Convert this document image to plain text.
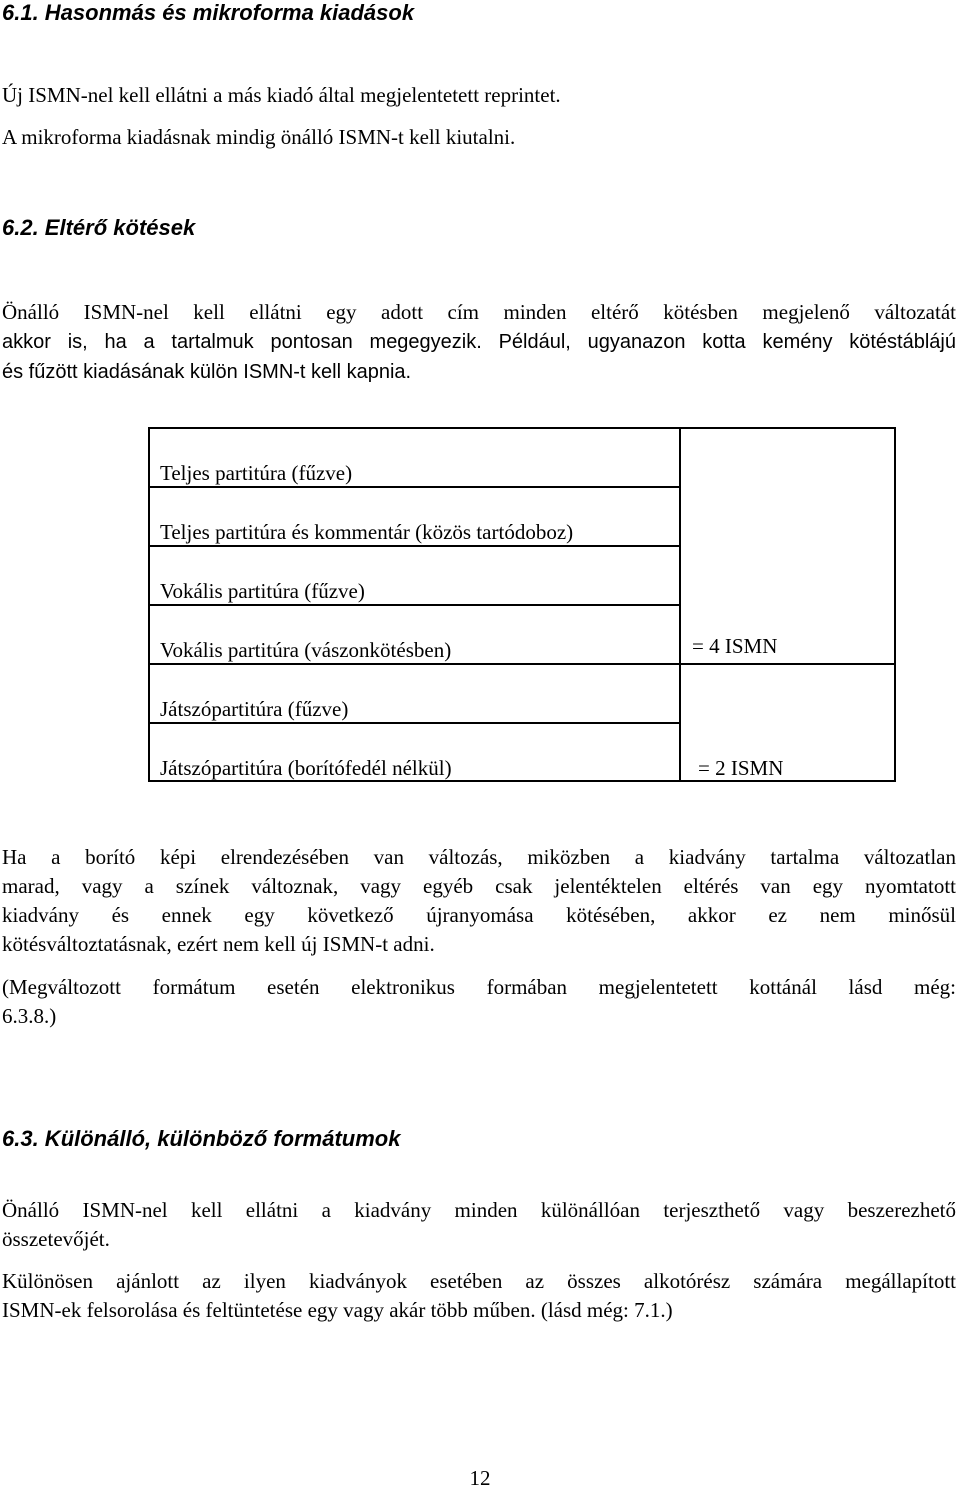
6.1. Hasonmás és mikroforma kiadások
Új ISMN-nel kell ellátni a más kiadó által megjelentetett reprintet.
A mikroforma kiadásnak mindig önálló ISMN-t kell kiutalni.
6.2. Eltérő kötések
Önálló ISMN-nel kell ellátni egy adott cím minden eltérő kötésben megjelenő változatát
akkor is, ha a tartalmuk pontosan megegyezik. Például, ugyanazon kotta kemény kötéstáblájú
és fűzött kiadásának külön ISMN-t kell kapnia.
Teljes partitúra (fűzve)
Teljes partitúra és kommentár (közös tartódoboz)
Vokális partitúra (fűzve)
Vokális partitúra (vászonkötésben)
Játszópartitúra (fűzve)
Játszópartitúra (borítófedél nélkül)
= 4 ISMN
= 2 ISMN
Ha a borító képi elrendezésében van változás, miközben a kiadvány tartalma változatlan
marad, vagy a színek változnak, vagy egyéb csak jelentéktelen eltérés van egy nyomtatott
kiadvány és ennek egy következő újranyomása kötésében, akkor ez nem minősül
kötésváltoztatásnak, ezért nem kell új ISMN-t adni.
(Megváltozott formátum esetén elektronikus formában megjelentetett kottánál lásd még:
6.3.8.)
6.3. Különálló, különböző formátumok
Önálló ISMN-nel kell ellátni a kiadvány minden különállóan terjeszthető vagy beszerezhető
összetevőjét.
Különösen ajánlott az ilyen kiadványok esetében az összes alkotórész számára megállapított
ISMN-ek felsorolása és feltüntetése egy vagy akár több műben. (lásd még: 7.1.)
12
